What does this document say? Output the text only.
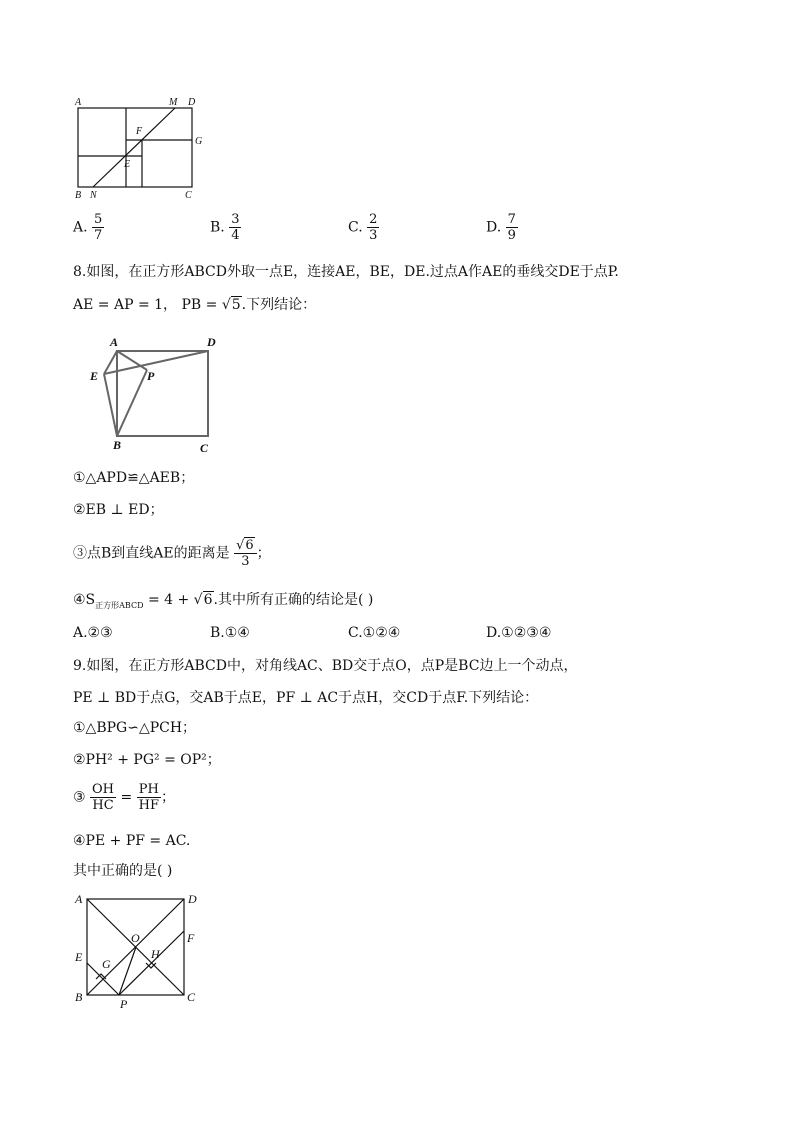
A	M D
F
G
E
B N	C
A. $\frac{5}{7}$	B. $\frac{3}{4}$	C. $\frac{2}{3}$	D. $\frac{7}{9}$
8.如图，在正方形ABCD外取一点E，连接AE，BE，DE.过点A作AE的垂线交DE于点P.
AE = AP = 1， PB = √5.下列结论：
A	D
E	P
B	C
①△APD≌△AEB；
②EB ⊥ ED；
③点B到直线AE的距离是 $\frac{√6}{3}$ ；
$④S_{正方形ABCD} = 4 + √6$.其中所有正确的结论是( )
A.②③	B.①④	C.①②④	D.①②③④
9.如图，在正方形ABCD中，对角线AC、BD交于点O，点P是BC边上一个动点，
PE ⊥ BD于点G，交AB于点E，PF ⊥ AC于点H，交CD于点F.下列结论：
①△BPG∽△PCH；
②PH² + PG² = OP²；
③ $\frac{OH}{HC} = \frac{PH}{HF}$ ；
④PE + PF = AC.
其中正确的是( )
A	D
O	F
E G
H
B	P	C
